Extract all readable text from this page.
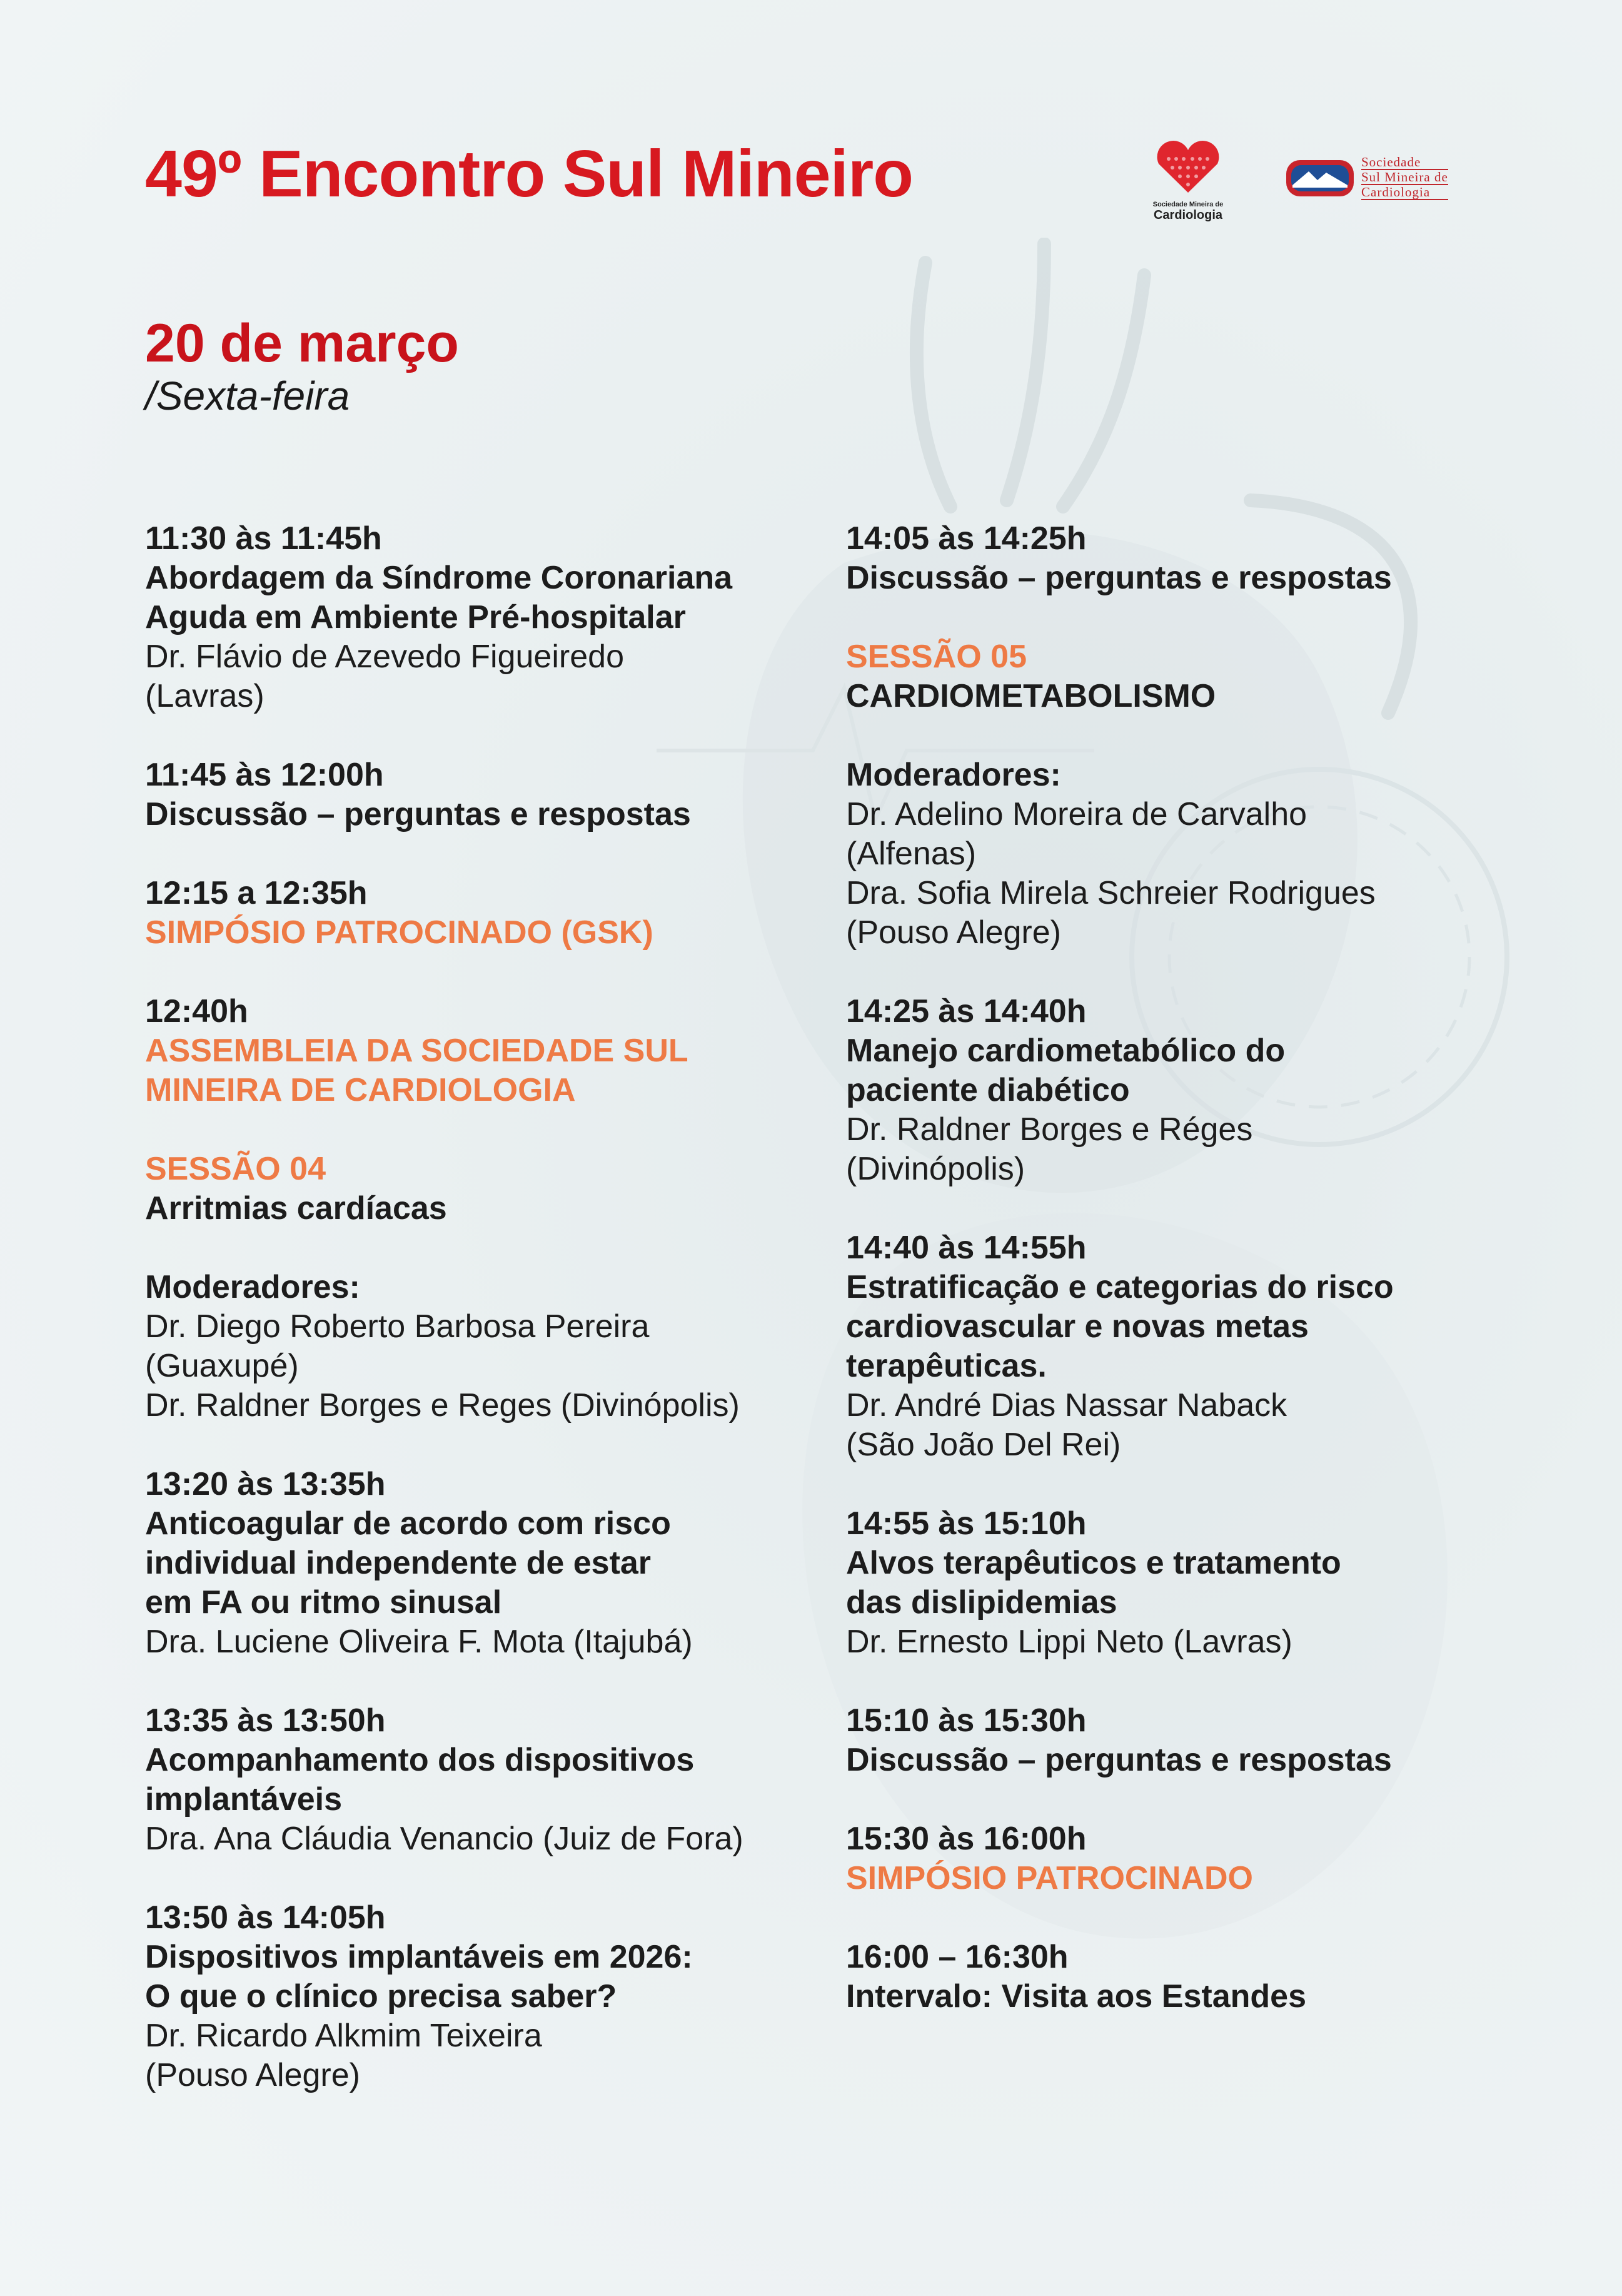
49º Encontro Sul Mineiro	Sociedade Mineira de
Cardiologia
Sociedade
Sul Mineira de
Cardiologia
20 de março
/Sexta-feira
11:30 às 11:45h
Abordagem da Síndrome Coronariana
Aguda em Ambiente Pré-hospitalar
Dr. Flávio de Azevedo Figueiredo
(Lavras)
11:45 às 12:00h
Discussão – perguntas e respostas
12:15 a 12:35h
SIMPÓSIO PATROCINADO (GSK)
12:40h
ASSEMBLEIA DA SOCIEDADE SUL
MINEIRA DE CARDIOLOGIA
SESSÃO 04
Arritmias cardíacas
Moderadores:
Dr. Diego Roberto Barbosa Pereira
(Guaxupé)
Dr. Raldner Borges e Reges (Divinópolis)
13:20 às 13:35h
Anticoagular de acordo com risco
individual independente de estar
em FA ou ritmo sinusal
Dra. Luciene Oliveira F. Mota (Itajubá)
13:35 às 13:50h
Acompanhamento dos dispositivos
implantáveis
Dra. Ana Cláudia Venancio (Juiz de Fora)
13:50 às 14:05h
Dispositivos implantáveis em 2026:
O que o clínico precisa saber?
Dr. Ricardo Alkmim Teixeira
(Pouso Alegre)
14:05 às 14:25h
Discussão – perguntas e respostas
SESSÃO 05
CARDIOMETABOLISMO
Moderadores:
Dr. Adelino Moreira de Carvalho
(Alfenas)
Dra. Sofia Mirela Schreier Rodrigues
(Pouso Alegre)
14:25 às 14:40h
Manejo cardiometabólico do
paciente diabético
Dr. Raldner Borges e Réges
(Divinópolis)
14:40 às 14:55h
Estratificação e categorias do risco
cardiovascular e novas metas
terapêuticas.
Dr. André Dias Nassar Naback
(São João Del Rei)
14:55 às 15:10h
Alvos terapêuticos e tratamento
das dislipidemias
Dr. Ernesto Lippi Neto (Lavras)
15:10 às 15:30h
Discussão – perguntas e respostas
15:30 às 16:00h
SIMPÓSIO PATROCINADO
16:00 – 16:30h
Intervalo: Visita aos Estandes
